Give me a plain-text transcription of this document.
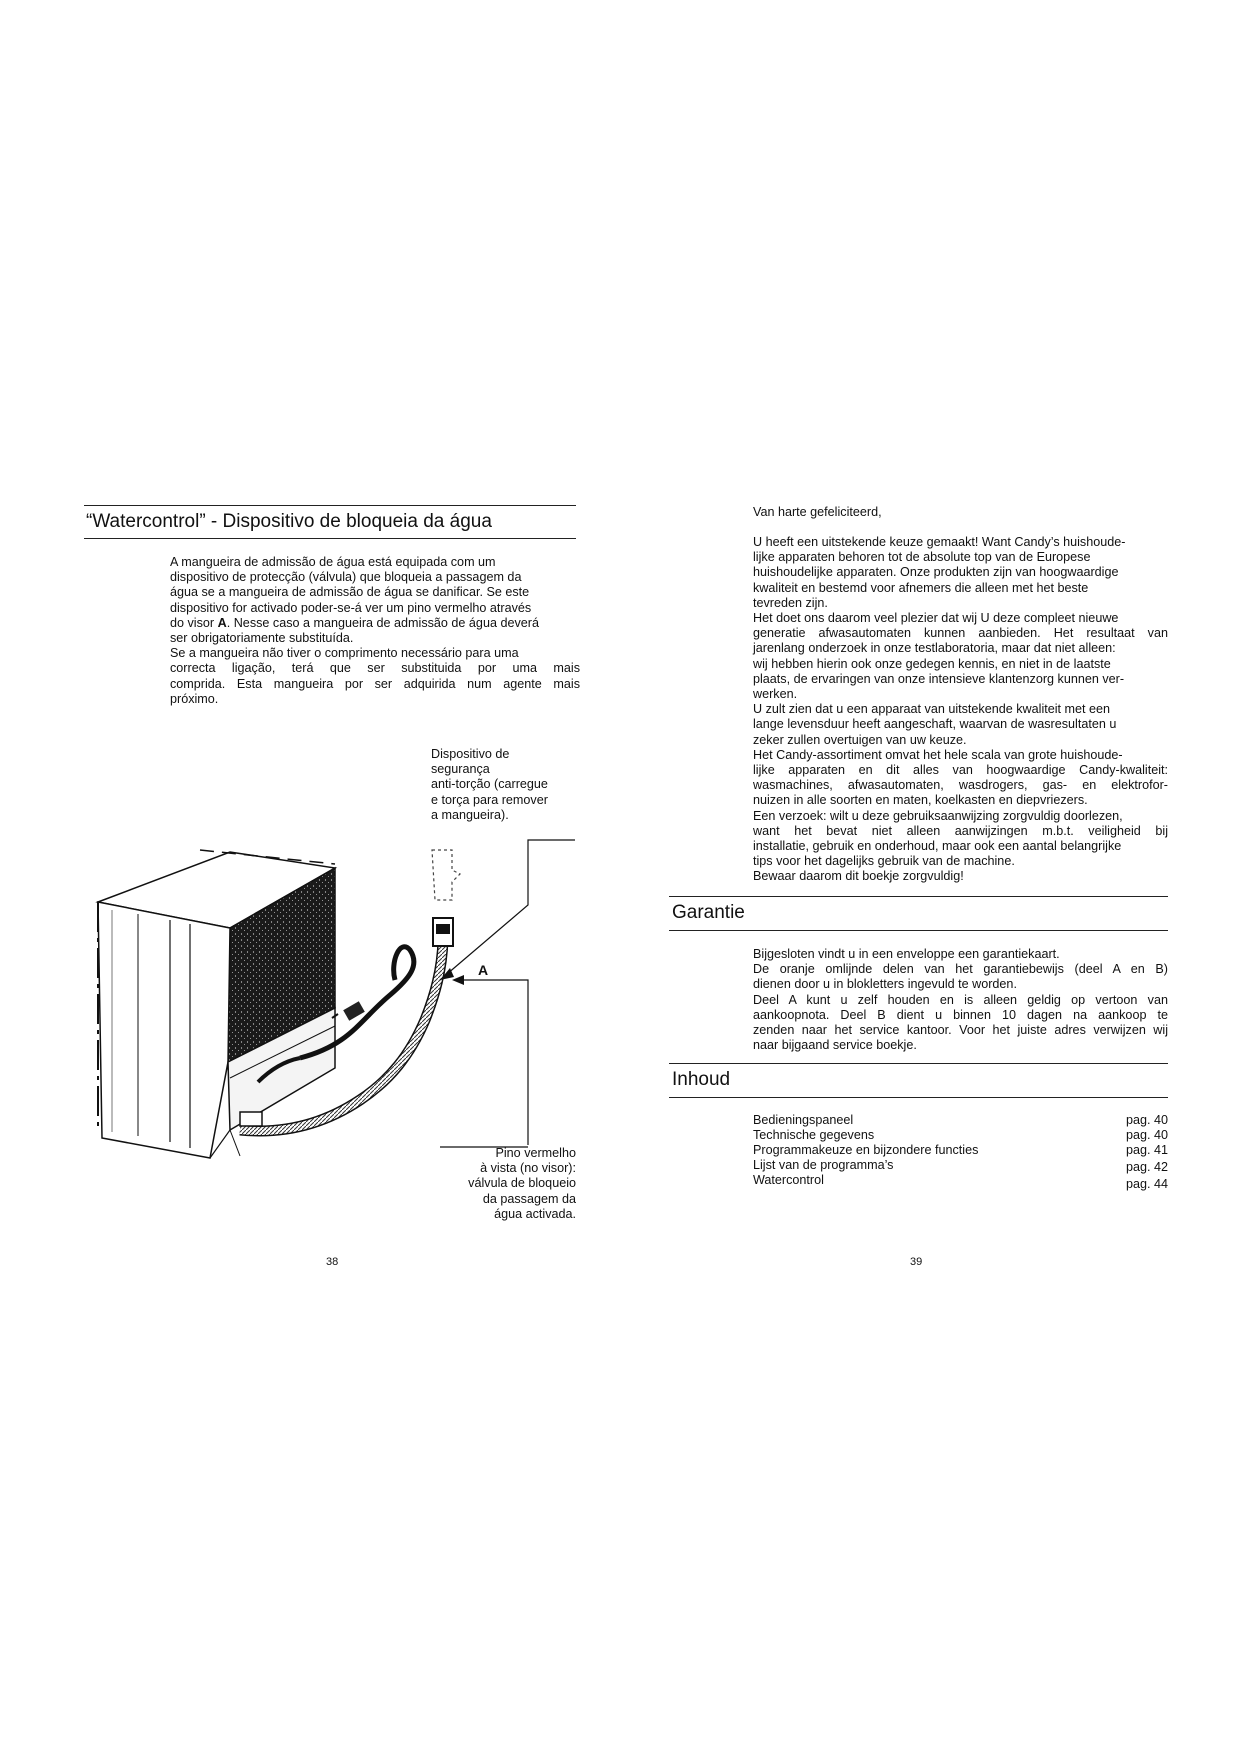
“Watercontrol” - Dispositivo de bloqueia da água

A mangueira de admissão de água está equipada com um

dispositivo de protecção (válvula) que bloqueia a passagem da

água se a mangueira de admissão de água se danificar. Se este

dispositivo for activado poder-se-á ver um pino vermelho através

do visor A. Nesse caso a mangueira de admissão de água deverá

ser obrigatoriamente substituída.

Se a mangueira não tiver o comprimento necessário para uma

correcta ligação, terá que ser substituida por uma mais

comprida. Esta mangueira por ser adquirida num agente mais

próximo.

Dispositivo de
segurança
anti-torção (carregue
e torça para remover
a mangueira).
A
Pino vermelho
à vista (no visor):
válvula de bloqueio
da passagem da
água activada.
38
Van harte gefeliciteerd,

U heeft een uitstekende keuze gemaakt! Want Candy’s huishoude-

lijke apparaten behoren tot de absolute top van de Europese

huishoudelijke apparaten. Onze produkten zijn van hoogwaardige

kwaliteit en bestemd voor afnemers die alleen met het beste

tevreden zijn.

Het doet ons daarom veel plezier dat wij U deze compleet nieuwe

generatie afwasautomaten kunnen aanbieden. Het resultaat van

jarenlang onderzoek in onze testlaboratoria, maar dat niet alleen:

wij hebben hierin ook onze gedegen kennis, en niet in de laatste

plaats, de ervaringen van onze intensieve klantenzorg kunnen ver-

werken.

U zult zien dat u een apparaat van uitstekende kwaliteit met een

lange levensduur heeft aangeschaft, waarvan de wasresultaten u

zeker zullen overtuigen van uw keuze.

Het Candy-assortiment omvat het hele scala van grote huishoude-

lijke apparaten en dit alles van hoogwaardige Candy-kwaliteit:

wasmachines, afwasautomaten, wasdrogers, gas- en elektrofor-

nuizen in alle soorten en maten, koelkasten en diepvriezers.

Een verzoek: wilt u deze gebruiksaanwijzing zorgvuldig doorlezen,

want het bevat niet alleen aanwijzingen m.b.t. veiligheid bij

installatie, gebruik en onderhoud, maar ook een aantal belangrijke

tips voor het dagelijks gebruik van de machine.

Bewaar daarom dit boekje zorgvuldig!

Garantie

Bijgesloten vindt u in een enveloppe een garantiekaart.

De oranje omlijnde delen van het garantiebewijs (deel A en B)

dienen door u in blokletters ingevuld te worden.

Deel A kunt u zelf houden en is alleen geldig op vertoon van

aankoopnota. Deel B dient u binnen 10 dagen na aankoop te

zenden naar het service kantoor. Voor het juiste adres verwijzen wij

naar bijgaand service boekje.

Inhoud
Bedieningspaneel	pag. 40
Technische gegevens	pag. 40
Programmakeuze en bijzondere functies	pag. 41
Lijst van de programma’s	pag. 42
Watercontrol	pag. 44
39
